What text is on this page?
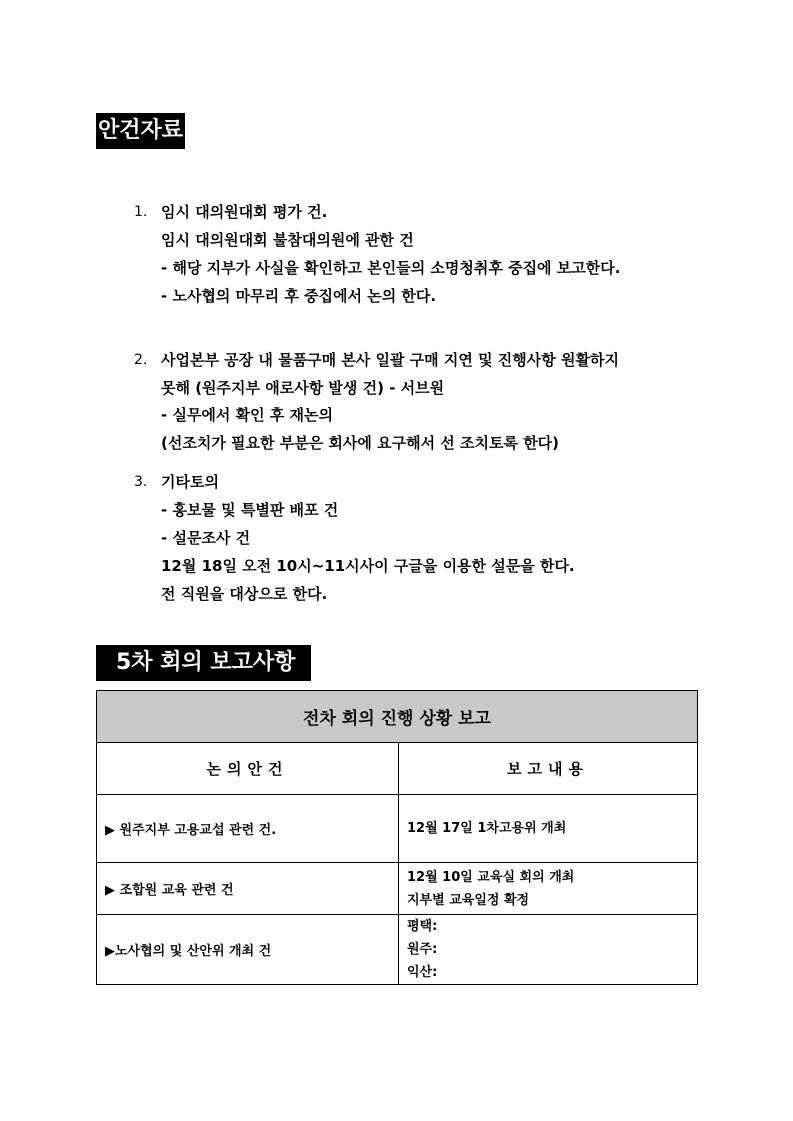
안건자료
1. 임시 대의원대회 평가 건.
임시 대의원대회 불참대의원에 관한 건
- 해당 지부가 사실을 확인하고 본인들의 소명청취후 중집에 보고한다.
- 노사협의 마무리 후 중집에서 논의 한다.
2. 사업본부 공장 내 물품구매 본사 일괄 구매 지연 및 진행사항 원활하지
못해 (원주지부 애로사항 발생 건) - 서브원
- 실무에서 확인 후 재논의
(선조치가 필요한 부분은 회사에 요구해서 선 조치토록 한다)
3. 기타토의
- 홍보물 및 특별판 배포 건
- 설문조사 건
12월 18일 오전 10시~11시사이 구글을 이용한 설문을 한다.
전 직원을 대상으로 한다.
5차 회의 보고사항
전차 회의 진행 상황 보고	
논의안건	보고내용
▶ 원주지부 고용교섭 관련 건.	12월 17일 1차고용위 개최

▶ 조합원 교육 관련 건	12월 10일 교육실 회의 개최
지부별 교육일정 확정

▶노사협의 및 산안위 개최 건	평택:
원주:
익산:
